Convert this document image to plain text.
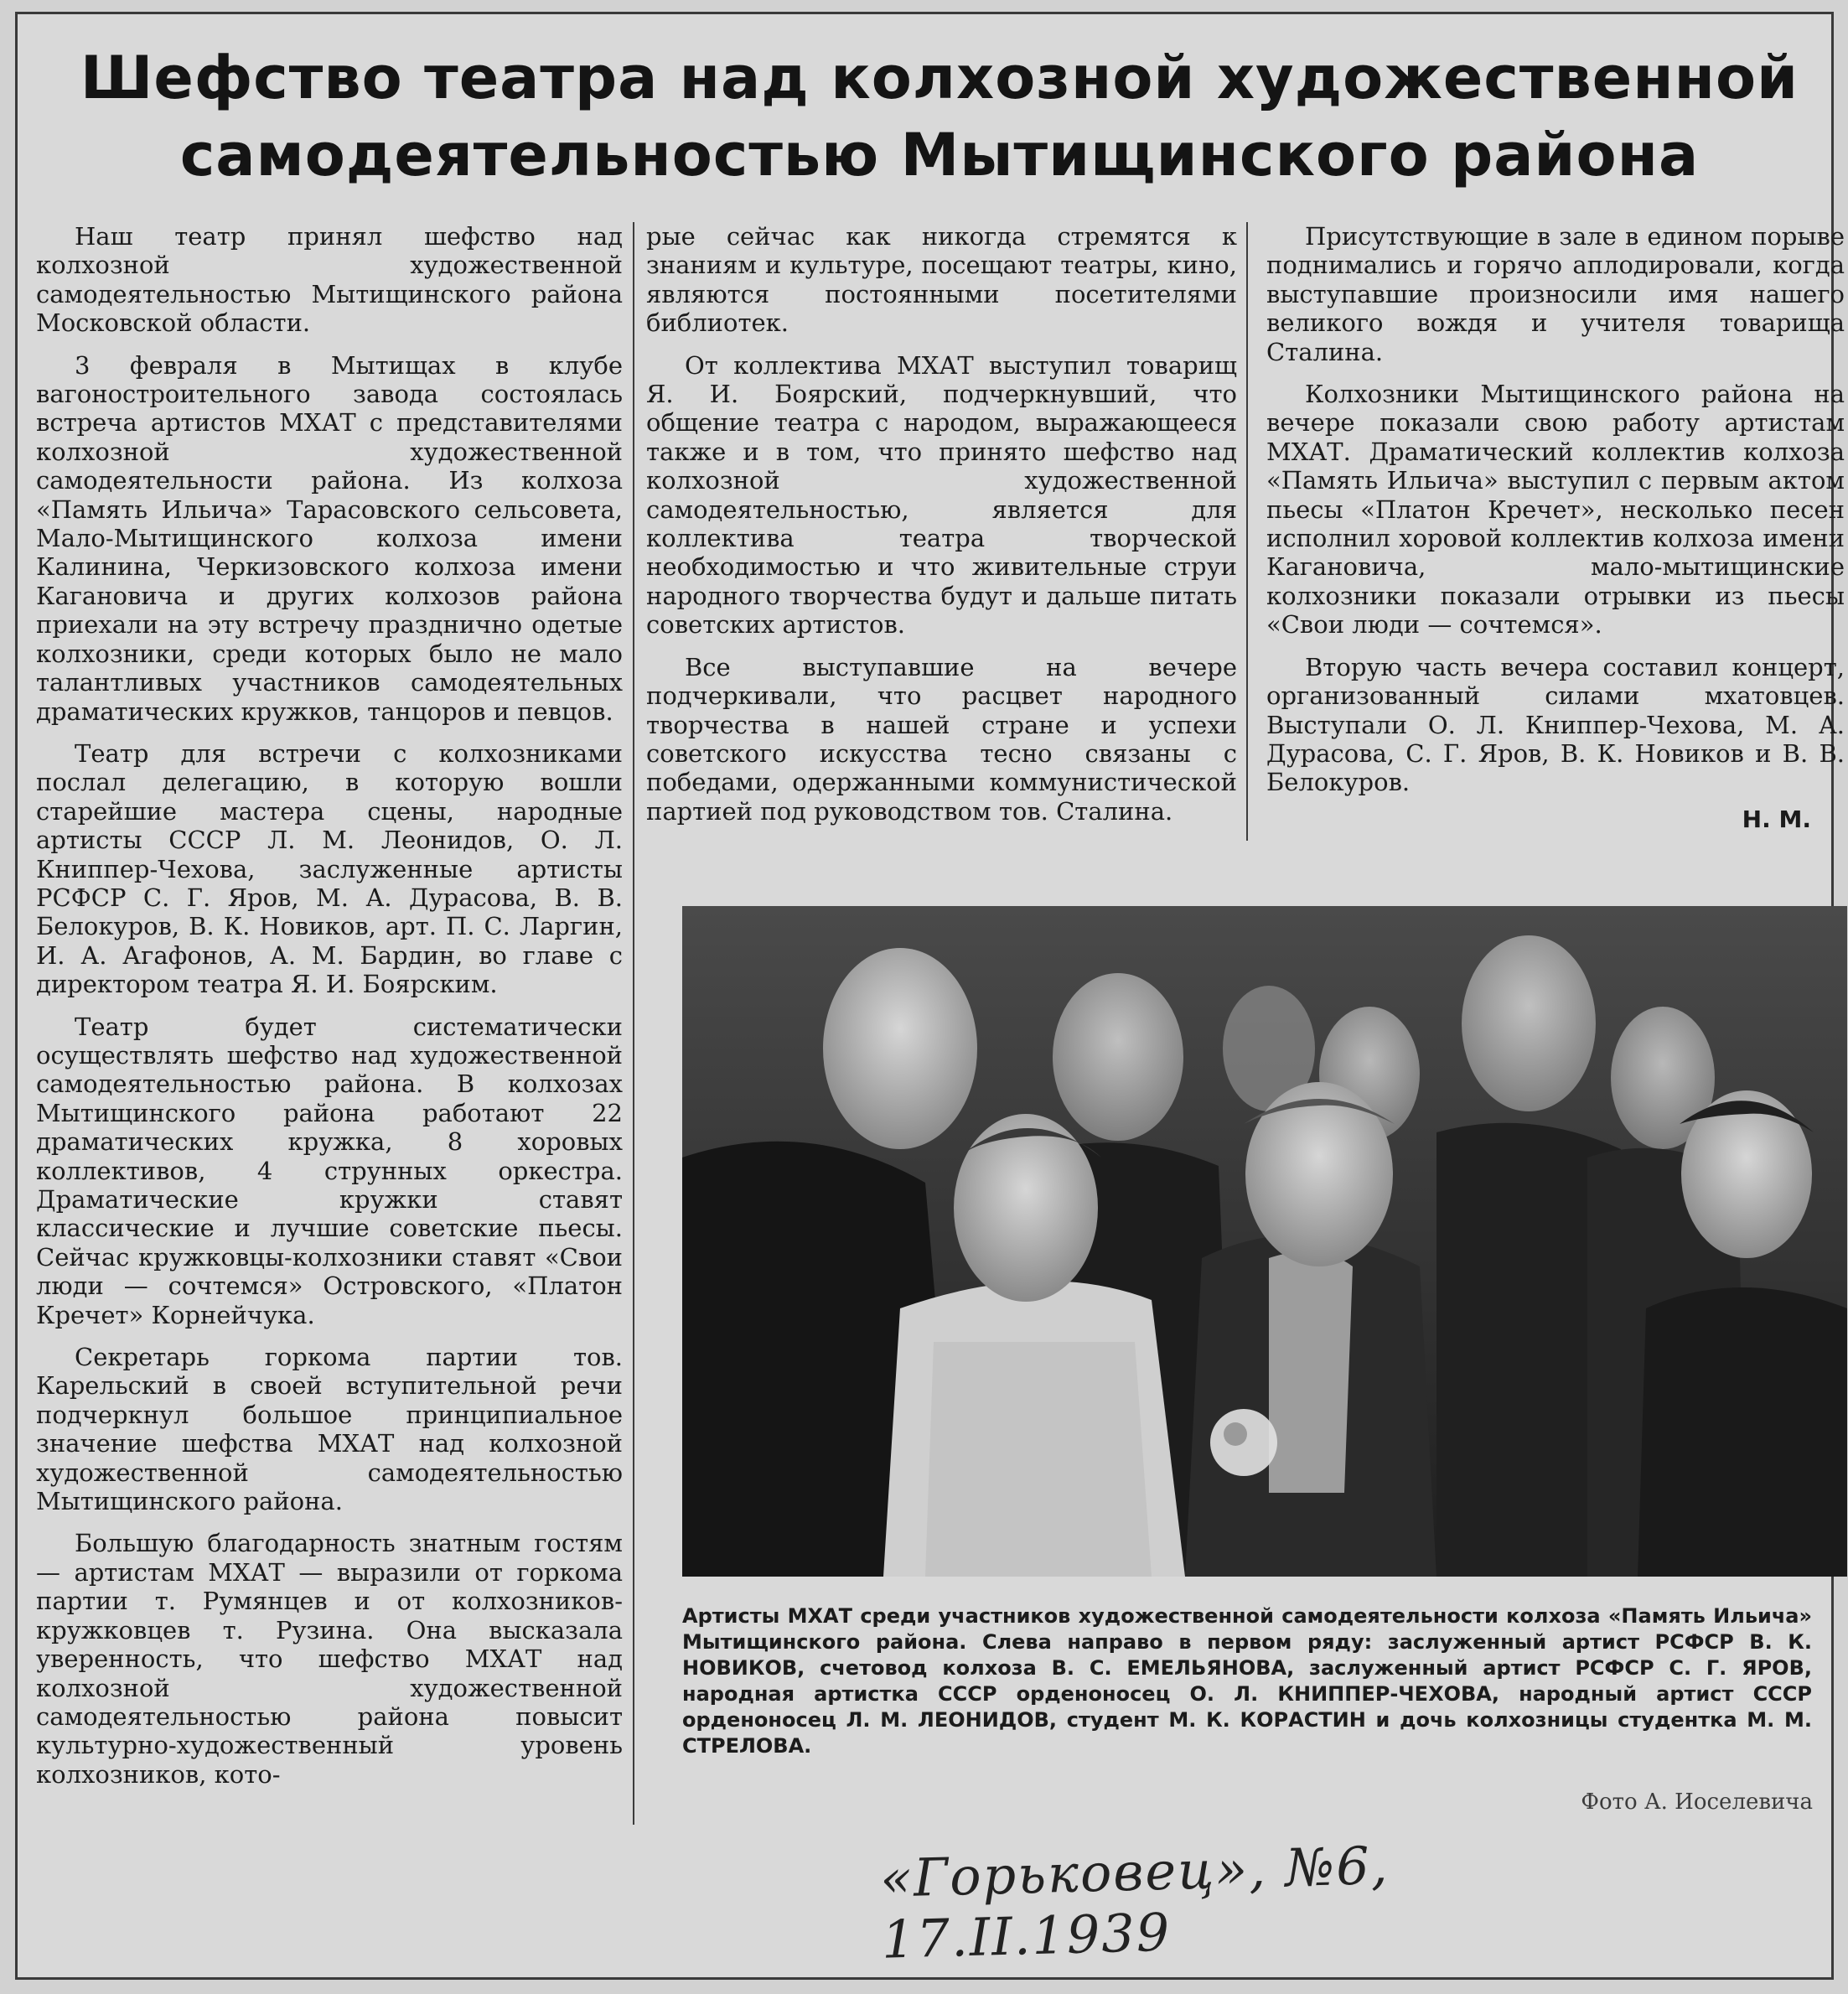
Шефство театра над колхозной художественной самодеятельностью Мытищинского района

Наш театр принял шефство над колхозной художественной самодеятельностью Мытищинского района Московской области.

3 февраля в Мытищах в клубе вагоностроительного завода состоялась встреча артистов МХАТ с представителями колхозной художественной самодеятельности района. Из колхоза «Память Ильича» Тарасовского сельсовета, Мало-Мытищинского колхоза имени Калинина, Черкизовского колхоза имени Кагановича и других колхозов района приехали на эту встречу празднично одетые колхозники, среди которых было не мало талантливых участников самодеятельных драматических кружков, танцоров и певцов.

Театр для встречи с колхозниками послал делегацию, в которую вошли старейшие мастера сцены, народные артисты СССР Л. М. Леонидов, О. Л. Книппер-Чехова, заслуженные артисты РСФСР С. Г. Яров, М. А. Дурасова, В. В. Белокуров, В. К. Новиков, арт. П. С. Ларгин, И. А. Агафонов, А. М. Бардин, во главе с директором театра Я. И. Боярским.

Театр будет систематически осуществлять шефство над художественной самодеятельностью района. В колхозах Мытищинского района работают 22 драматических кружка, 8 хоровых коллективов, 4 струнных оркестра. Драматические кружки ставят классические и лучшие советские пьесы. Сейчас кружковцы-колхозники ставят «Свои люди — сочтемся» Островского, «Платон Кречет» Корнейчука.

Секретарь горкома партии тов. Карельский в своей вступительной речи подчеркнул большое принципиальное значение шефства МХАТ над колхозной художественной самодеятельностью Мытищинского района.

Большую благодарность знатным гостям — артистам МХАТ — выразили от горкома партии т. Румянцев и от колхозников-кружковцев т. Рузина. Она высказала уверенность, что шефство МХАТ над колхозной художественной самодеятельностью района повысит культурно-художественный уровень колхозников, кото-

рые сейчас как никогда стремятся к знаниям и культуре, посещают театры, кино, являются постоянными посетителями библиотек.

От коллектива МХАТ выступил товарищ Я. И. Боярский, подчеркнувший, что общение театра с народом, выражающееся также и в том, что принято шефство над колхозной художественной самодеятельностью, является для коллектива театра творческой необходимостью и что живительные струи народного творчества будут и дальше питать советских артистов.

Все выступавшие на вечере подчеркивали, что расцвет народного творчества в нашей стране и успехи советского искусства тесно связаны с победами, одержанными коммунистической партией под руководством тов. Сталина.

Присутствующие в зале в едином порыве поднимались и горячо аплодировали, когда выступавшие произносили имя нашего великого вождя и учителя товарища Сталина.

Колхозники Мытищинского района на вечере показали свою работу артистам МХАТ. Драматический коллектив колхоза «Память Ильича» выступил с первым актом пьесы «Платон Кречет», несколько песен исполнил хоровой коллектив колхоза имени Кагановича, мало-мытищинские колхозники показали отрывки из пьесы «Свои люди — сочтемся».

Вторую часть вечера составил концерт, организованный силами мхатовцев. Выступали О. Л. Книппер-Чехова, М. А. Дурасова, С. Г. Яров, В. К. Новиков и В. В. Белокуров.

Н. М.
Артисты МХАТ среди участников художественной самодеятельности колхоза «Память Ильича» Мытищинского района. Слева направо в первом ряду: заслуженный артист РСФСР В. К. НОВИКОВ, счетовод колхоза В. С. ЕМЕЛЬЯНОВА, заслуженный артист РСФСР С. Г. ЯРОВ, народная артистка СССР орденоносец О. Л. КНИППЕР-ЧЕХОВА, народный артист СССР орденоносец Л. М. ЛЕОНИДОВ, студент М. К. КОРАСТИН и дочь колхозницы студентка М. М. СТРЕЛОВА.
Фото А. Иоселевича
«Горьковец», №6, 17.II.1939
